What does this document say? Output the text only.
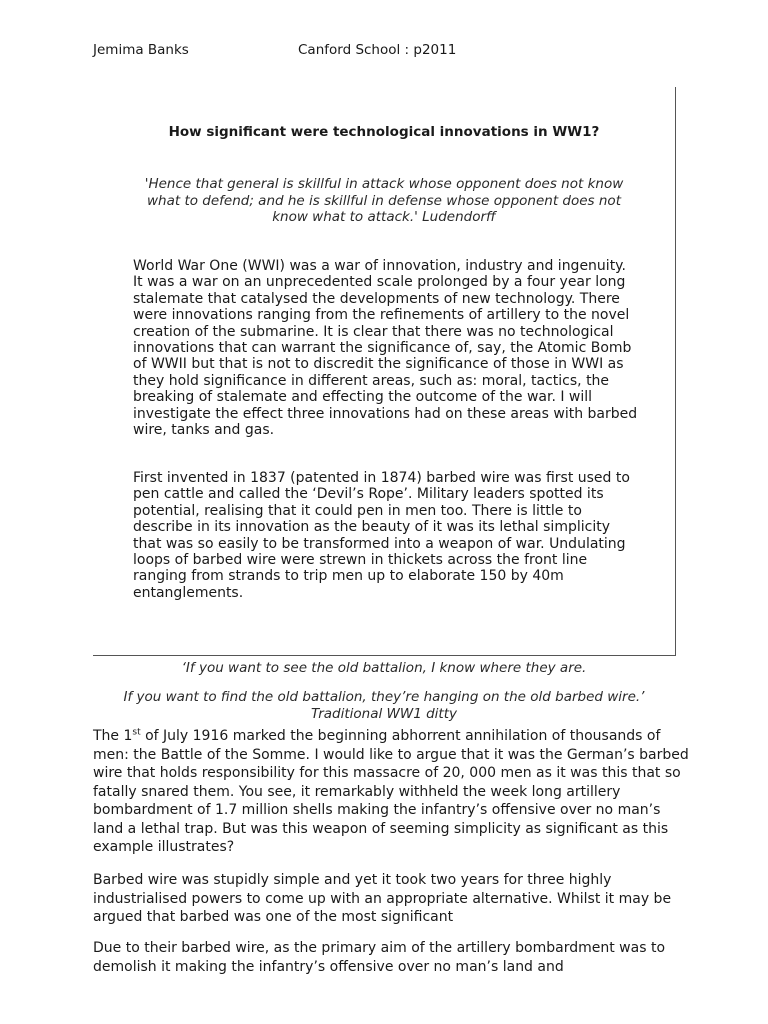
Jemima Banks	Canford School : p2011
How significant were technological innovations in WW1?

'Hence that general is skillful in attack whose opponent does not know what to defend; and he is skillful in defense whose opponent does not know what to attack.' Ludendorff

World War One (WWI) was a war of innovation, industry and ingenuity. It was a war on an unprecedented scale prolonged by a four year long stalemate that catalysed the developments of new technology. There were innovations ranging from the refinements of artillery to the novel creation of the submarine. It is clear that there was no technological innovations that can warrant the significance of, say, the Atomic Bomb of WWII but that is not to discredit the significance of those in WWI as they hold significance in different areas, such as: moral, tactics, the breaking of stalemate and effecting the outcome of the war. I will investigate the effect three innovations had on these areas with barbed wire, tanks and gas.

First invented in 1837 (patented in 1874) barbed wire was first used to pen cattle and called the ‘Devil’s Rope’. Military leaders spotted its potential, realising that it could pen in men too. There is little to describe in its innovation as the beauty of it was its lethal simplicity that was so easily to be transformed into a weapon of war. Undulating loops of barbed wire were strewn in thickets across the front line ranging from strands to trip men up to elaborate 150 by 40m entanglements.

‘If you want to see the old battalion, I know where they are.

If you want to find the old battalion, they’re hanging on the old barbed wire.’

Traditional WW1 ditty

The 1st of July 1916 marked the beginning abhorrent annihilation of thousands of men: the Battle of the Somme. I would like to argue that it was the German’s barbed wire that holds responsibility for this massacre of 20, 000 men as it was this that so fatally snared them. You see, it remarkably withheld the week long artillery bombardment of 1.7 million shells making the infantry’s offensive over no man’s land a lethal trap. But was this weapon of seeming simplicity as significant as this example illustrates?

Barbed wire was stupidly simple and yet it took two years for three highly industrialised powers to come up with an appropriate alternative. Whilst it may be argued that barbed was one of the most significant

Due to their barbed wire, as the primary aim of the artillery bombardment was to demolish it making the infantry’s offensive over no man’s land and
